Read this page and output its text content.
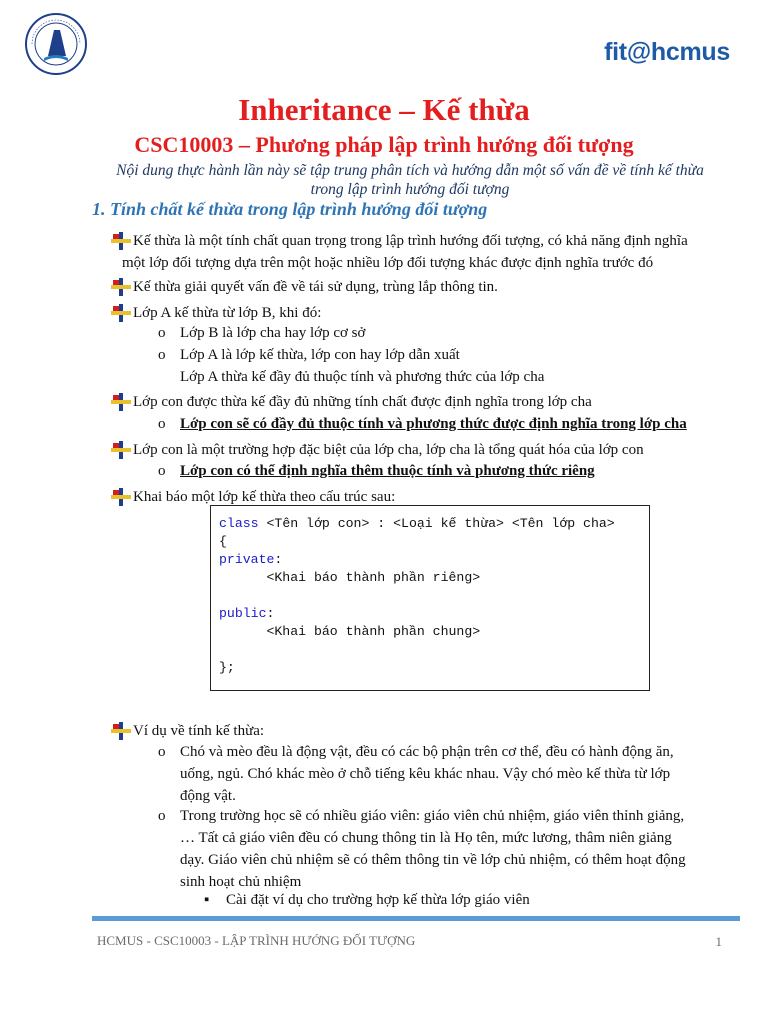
fit@hcmus
Inheritance – Kế thừa
CSC10003 – Phương pháp lập trình hướng đối tượng
Nội dung thực hành lần này sẽ tập trung phân tích và hướng dẫn một số vấn đề về tính kế thừa
trong lập trình hướng đối tượng
1. Tính chất kế thừa trong lập trình hướng đối tượng
Kế thừa là một tính chất quan trọng trong lập trình hướng đối tượng, có khả năng định nghĩa
một lớp đối tượng dựa trên một hoặc nhiều lớp đối tượng khác được định nghĩa trước đó
Kế thừa giải quyết vấn đề về tái sử dụng, trùng lắp thông tin.
Lớp A kế thừa từ lớp B, khi đó:
o Lớp B là lớp cha hay lớp cơ sở
o Lớp A là lớp kế thừa, lớp con hay lớp dẫn xuất
Lớp A thừa kế đầy đủ thuộc tính và phương thức của lớp cha
Lớp con được thừa kế đầy đủ những tính chất được định nghĩa trong lớp cha
o Lớp con sẽ có đầy đủ thuộc tính và phương thức được định nghĩa trong lớp cha
Lớp con là một trường hợp đặc biệt của lớp cha, lớp cha là tổng quát hóa của lớp con
o Lớp con có thể định nghĩa thêm thuộc tính và phương thức riêng
Khai báo một lớp kế thừa theo cấu trúc sau:
class <Tên lớp con> : <Loại kế thừa> <Tên lớp cha>
{
private:
<Khai báo thành phần riêng>

public:
<Khai báo thành phần chung>

};
Ví dụ về tính kế thừa:
o Chó và mèo đều là động vật, đều có các bộ phận trên cơ thể, đều có hành động ăn,
uống, ngủ. Chó khác mèo ở chỗ tiếng kêu khác nhau. Vậy chó mèo kế thừa từ lớp
động vật.
o Trong trường học sẽ có nhiều giáo viên: giáo viên chủ nhiệm, giáo viên thỉnh giảng,
… Tất cả giáo viên đều có chung thông tin là Họ tên, mức lương, thâm niên giảng
dạy. Giáo viên chủ nhiệm sẽ có thêm thông tin về lớp chủ nhiệm, có thêm hoạt động
sinh hoạt chủ nhiệm
▪ Cài đặt ví dụ cho trường hợp kế thừa lớp giáo viên
HCMUS - CSC10003 - LẬP TRÌNH HƯỚNG ĐỐI TƯỢNG	1
